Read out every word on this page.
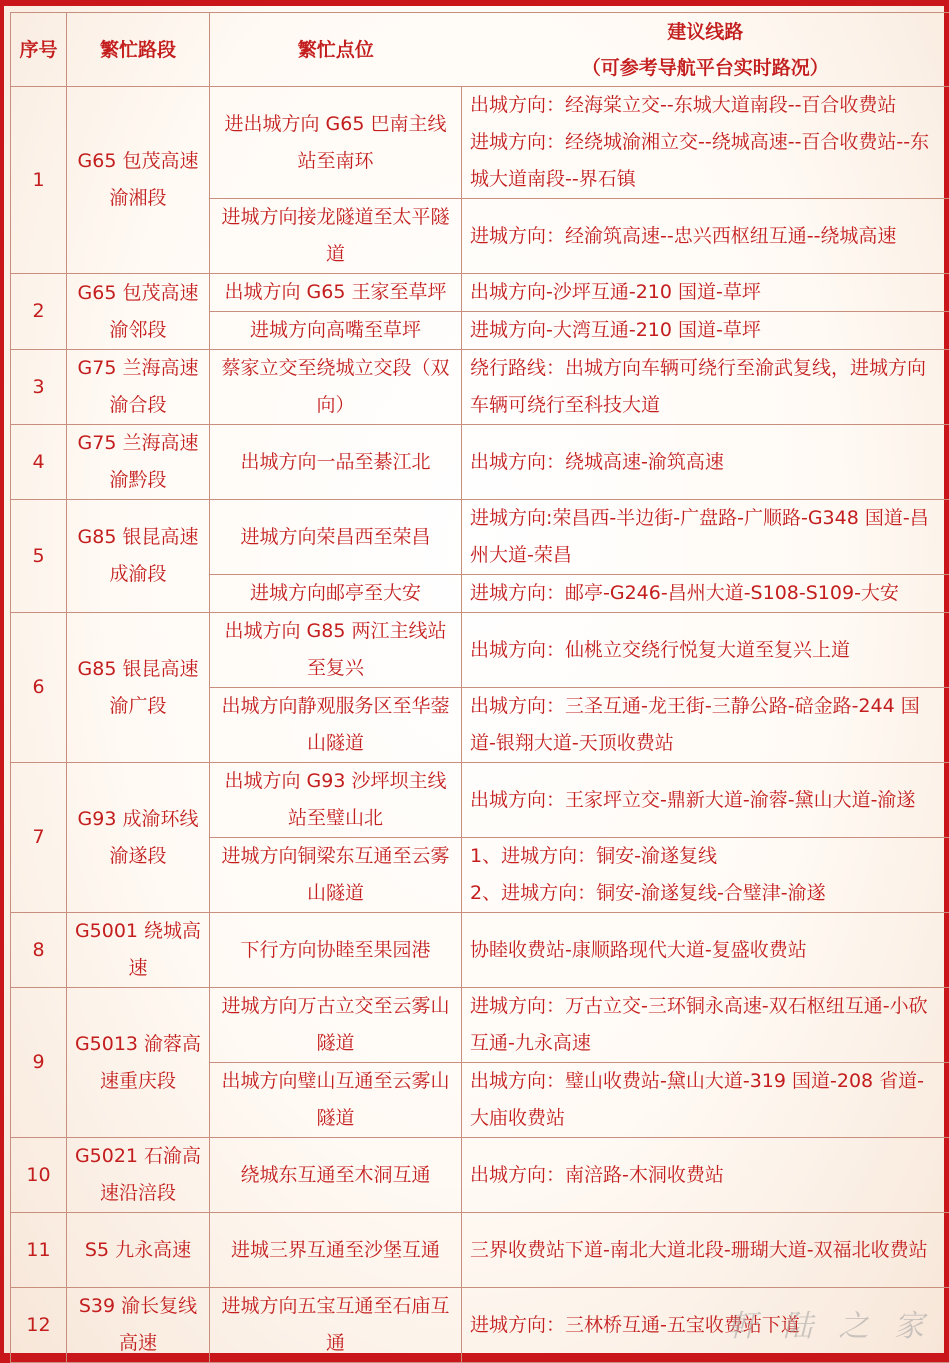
序号	繁忙路段	繁忙点位	建议线路
（可参考导航平台实时路况）

1	G65 包茂高速渝湘段	进出城方向 G65 巴南主线站至南环	出城方向：经海棠立交--东城大道南段--百合收费站
进城方向：经绕城渝湘立交--绕城高速--百合收费站--东城大道南段--界石镇
		进城方向接龙隧道至太平隧道	进城方向：经渝筑高速--忠兴西枢纽互通--绕城高速
2	G65 包茂高速渝邻段	出城方向 G65 王家至草坪	出城方向-沙坪互通-210 国道-草坪
		进城方向高嘴至草坪	进城方向-大湾互通-210 国道-草坪
3	G75 兰海高速渝合段	蔡家立交至绕城立交段（双向）	绕行路线：出城方向车辆可绕行至渝武复线，进城方向车辆可绕行至科技大道
4	G75 兰海高速渝黔段	出城方向一品至綦江北	出城方向：绕城高速-渝筑高速
5	G85 银昆高速成渝段	进城方向荣昌西至荣昌	进城方向:荣昌西-半边街-广盘路-广顺路-G348 国道-昌州大道-荣昌
		进城方向邮亭至大安	进城方向：邮亭-G246-昌州大道-S108-S109-大安
6	G85 银昆高速渝广段	出城方向 G85 两江主线站至复兴	出城方向：仙桃立交绕行悦复大道至复兴上道
		出城方向静观服务区至华蓥山隧道	出城方向：三圣互通-龙王街-三静公路-碚金路-244 国道-银翔大道-天顶收费站
7	G93 成渝环线渝遂段	出城方向 G93 沙坪坝主线站至璧山北	出城方向：王家坪立交-鼎新大道-渝蓉-黛山大道-渝遂
		进城方向铜梁东互通至云雾山隧道	1、进城方向：铜安-渝遂复线
2、进城方向：铜安-渝遂复线-合璧津-渝遂
8	G5001 绕城高速	下行方向协睦至果园港	协睦收费站-康顺路现代大道-复盛收费站
9	G5013 渝蓉高速重庆段	进城方向万古立交至云雾山隧道	进城方向：万古立交-三环铜永高速-双石枢纽互通-小砍互通-九永高速
		出城方向璧山互通至云雾山隧道	出城方向：璧山收费站-黛山大道-319 国道-208 省道-大庙收费站
10	G5021 石渝高速沿涪段	绕城东互通至木洞互通	出城方向：南涪路-木洞收费站
11	S5 九永高速	进城三界互通至沙堡互通	三界收费站下道-南北大道北段-珊瑚大道-双福北收费站
12	S39 渝长复线高速	进城方向五宝互通至石庙互通	进城方向：三林桥互通-五宝收费站下道
軒 陆 之 家
